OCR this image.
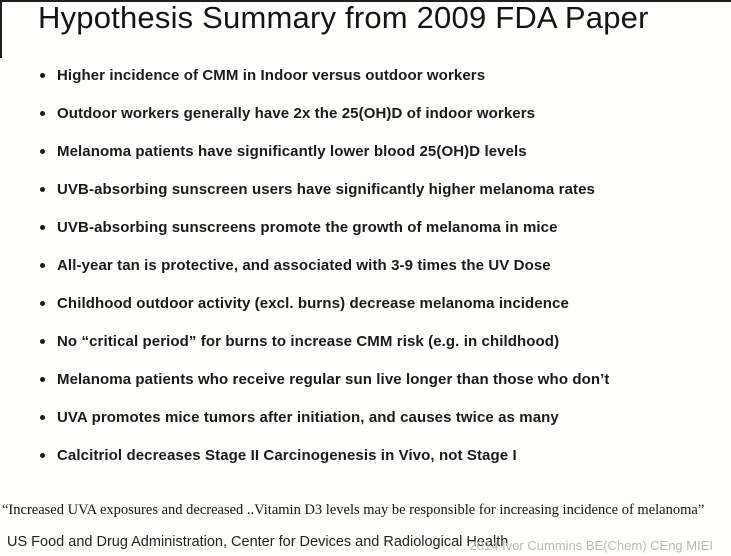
Hypothesis Summary from 2009 FDA Paper
Higher incidence of CMM in Indoor versus outdoor workers
Outdoor workers generally have 2x the 25(OH)D of indoor workers
Melanoma patients have significantly lower blood 25(OH)D levels
UVB-absorbing sunscreen users have significantly higher melanoma rates
UVB-absorbing sunscreens promote the growth of melanoma in mice
All-year tan is protective, and associated with 3-9 times the UV Dose
Childhood outdoor activity (excl. burns) decrease melanoma incidence
No “critical period” for burns to increase CMM risk (e.g. in childhood)
Melanoma patients who receive regular sun live longer than those who don’t
UVA promotes mice tumors after initiation, and causes twice as many
Calcitriol decreases Stage II Carcinogenesis in Vivo, not Stage I
“Increased UVA exposures and decreased ..Vitamin D3 levels may be responsible for increasing incidence of melanoma”
US Food and Drug Administration, Center for Devices and Radiological Health
2014 Ivor Cummins BE(Chem) CEng MIEI
